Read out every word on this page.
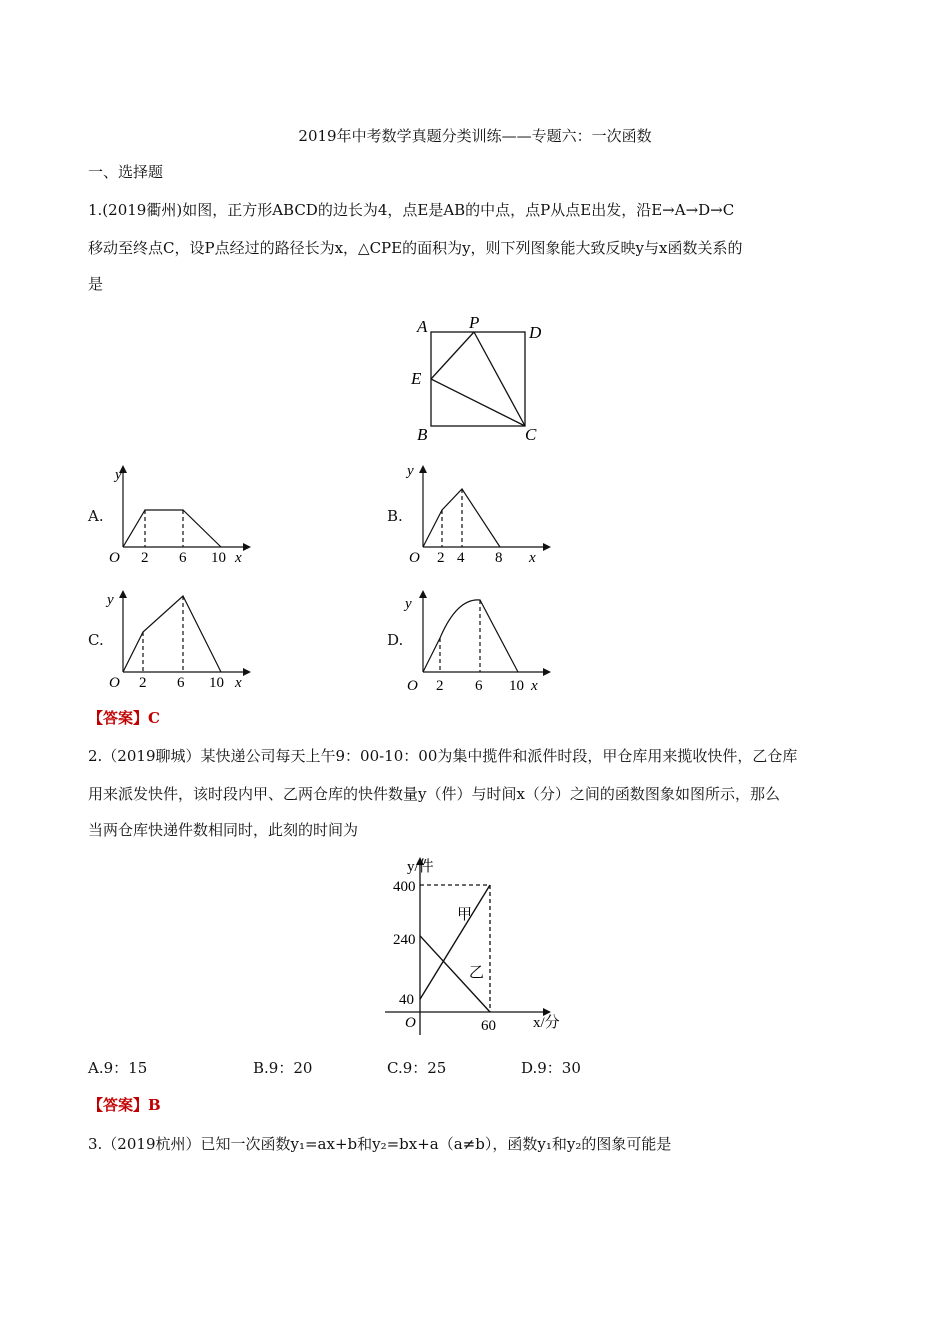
2019年中考数学真题分类训练——专题六：一次函数
一、选择题
1.(2019衢州)如图，正方形ABCD的边长为4，点E是AB的中点，点P从点E出发，沿E→A→D→C
移动至终点C，设P点经过的路径长为x，△CPE的面积为y，则下列图象能大致反映y与x函数关系的
是
A P
D
E
B	C
A.
y
O 2 6 10 x
B.
y
O 2 4 8 x
C.
y
O 2 6 10 x
D.
y
O 2 6 10 x
【答案】C
2.（2019聊城）某快递公司每天上午9：00-10：00为集中揽件和派件时段，甲仓库用来揽收快件，乙仓库
用来派发快件，该时段内甲、乙两仓库的快件数量y（件）与时间x（分）之间的函数图象如图所示，那么
当两仓库快递件数相同时，此刻的时间为
y/件
400
240
40
O	60 x/分
甲
乙
A.9：15	B.9：20	C.9：25	D.9：30
【答案】B
3.（2019杭州）已知一次函数y₁=ax+b和y₂=bx+a（a≠b），函数y₁和y₂的图象可能是
